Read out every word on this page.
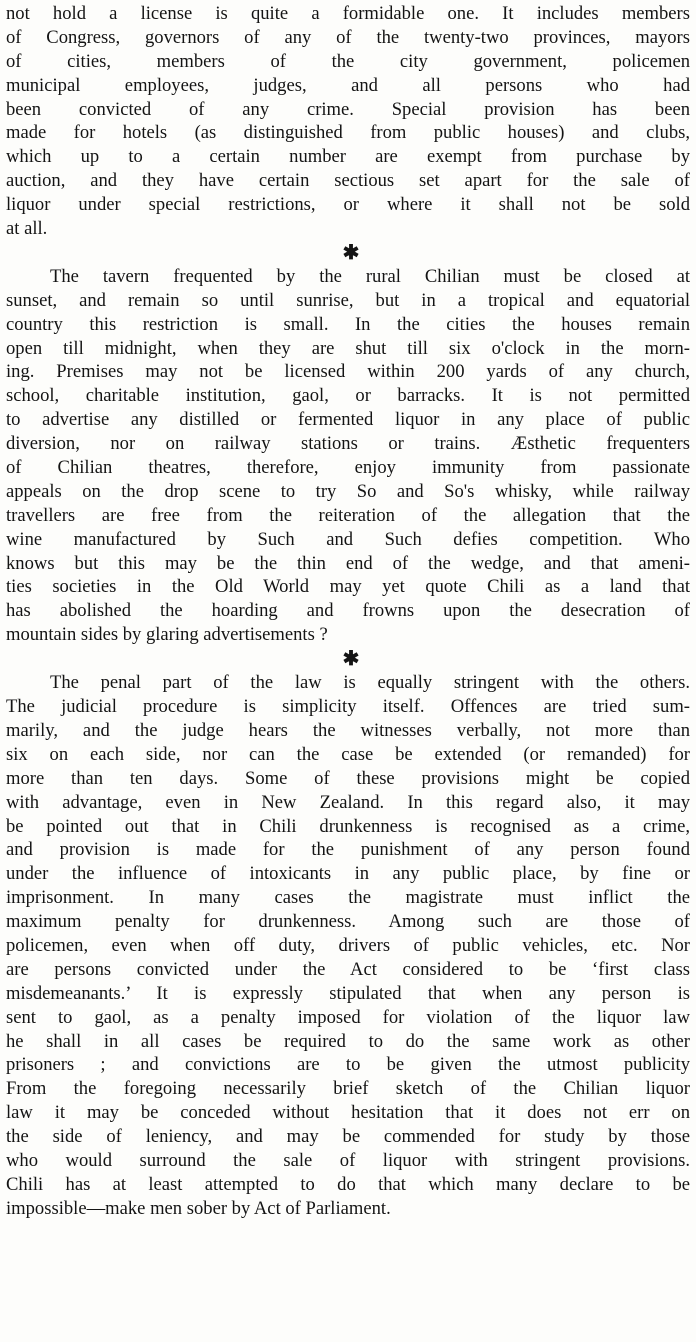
not hold a license is quite a formidable one. It includes members
of Congress, governors of any of the twenty-two provinces, mayors
of cities, members of the city government, policemen
municipal employees, judges, and all persons who had
been convicted of any crime. Special provision has been
made for hotels (as distinguished from public houses) and clubs,
which up to a certain number are exempt from purchase by
auction, and they have certain sectious set apart for the sale of
liquor under special restrictions, or where it shall not be sold
at all.
✱
The tavern frequented by the rural Chilian must be closed at
sunset, and remain so until sunrise, but in a tropical and equatorial
country this restriction is small. In the cities the houses remain
open till midnight, when they are shut till six o'clock in the morn-
ing. Premises may not be licensed within 200 yards of any church,
school, charitable institution, gaol, or barracks. It is not permitted
to advertise any distilled or fermented liquor in any place of public
diversion, nor on railway stations or trains. Æsthetic frequenters
of Chilian theatres, therefore, enjoy immunity from passionate
appeals on the drop scene to try So and So's whisky, while railway
travellers are free from the reiteration of the allegation that the
wine manufactured by Such and Such defies competition. Who
knows but this may be the thin end of the wedge, and that ameni-
ties societies in the Old World may yet quote Chili as a land that
has abolished the hoarding and frowns upon the desecration of
mountain sides by glaring advertisements ?
✱
The penal part of the law is equally stringent with the others.
The judicial procedure is simplicity itself. Offences are tried sum-
marily, and the judge hears the witnesses verbally, not more than
six on each side, nor can the case be extended (or remanded) for
more than ten days. Some of these provisions might be copied
with advantage, even in New Zealand. In this regard also, it may
be pointed out that in Chili drunkenness is recognised as a crime,
and provision is made for the punishment of any person found
under the influence of intoxicants in any public place, by fine or
imprisonment. In many cases the magistrate must inflict the
maximum penalty for drunkenness. Among such are those of
policemen, even when off duty, drivers of public vehicles, etc. Nor
are persons convicted under the Act considered to be ‘first class
misdemeanants.’ It is expressly stipulated that when any person is
sent to gaol, as a penalty imposed for violation of the liquor law
he shall in all cases be required to do the same work as other
prisoners ; and convictions are to be given the utmost publicity
From the foregoing necessarily brief sketch of the Chilian liquor
law it may be conceded without hesitation that it does not err on
the side of leniency, and may be commended for study by those
who would surround the sale of liquor with stringent provisions.
Chili has at least attempted to do that which many declare to be
impossible—make men sober by Act of Parliament.
